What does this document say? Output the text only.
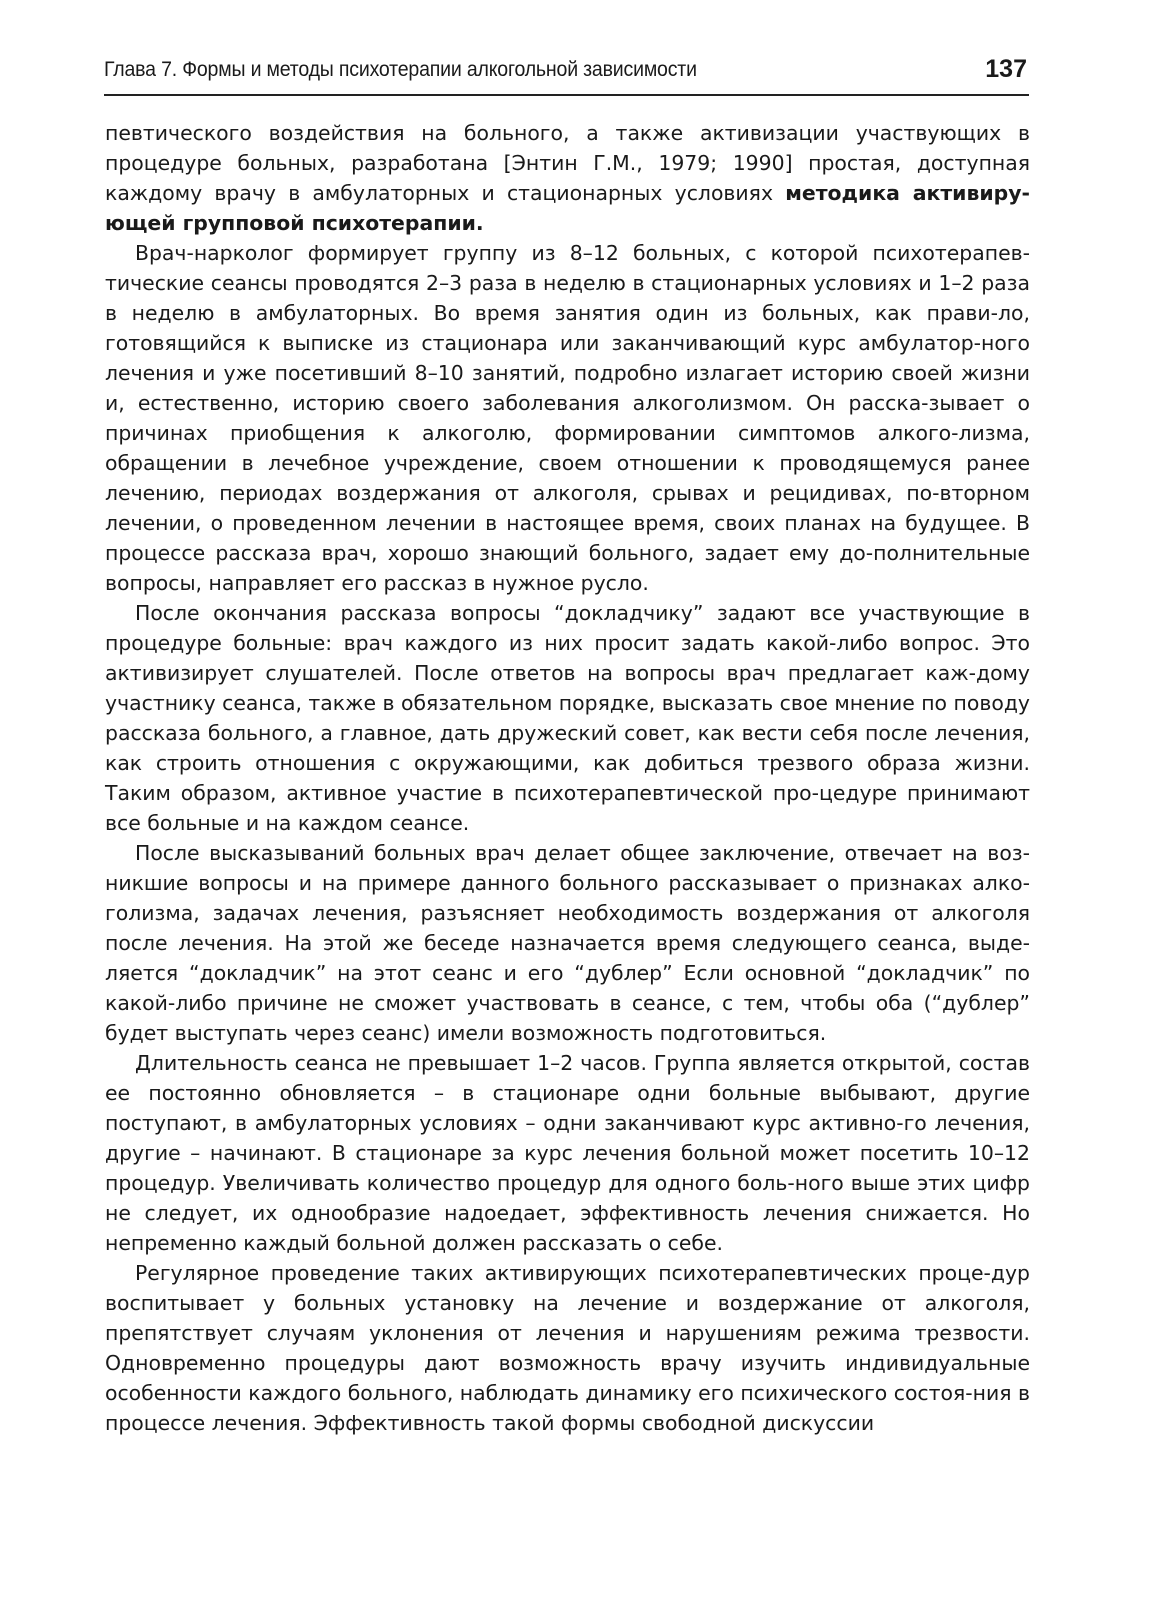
Глава 7. Формы и методы психотерапии алкогольной зависимости	137

певтического воздействия на больного, а также активизации участвующих в процедуре больных, разработана [Энтин Г.М., 1979; 1990] простая, доступная каждому врачу в амбулаторных и стационарных условиях методика активиру-ющей групповой психотерапии.

Врач-нарколог формирует группу из 8–12 больных, с которой психотерапев-тические сеансы проводятся 2–3 раза в неделю в стационарных условиях и 1–2 раза в неделю в амбулаторных. Во время занятия один из больных, как прави-ло, готовящийся к выписке из стационара или заканчивающий курс амбулатор-ного лечения и уже посетивший 8–10 занятий, подробно излагает историю своей жизни и, естественно, историю своего заболевания алкоголизмом. Он расска-зывает о причинах приобщения к алкоголю, формировании симптомов алкого-лизма, обращении в лечебное учреждение, своем отношении к проводящемуся ранее лечению, периодах воздержания от алкоголя, срывах и рецидивах, по-вторном лечении, о проведенном лечении в настоящее время, своих планах на будущее. В процессе рассказа врач, хорошо знающий больного, задает ему до-полнительные вопросы, направляет его рассказ в нужное русло.

После окончания рассказа вопросы “докладчику” задают все участвующие в процедуре больные: врач каждого из них просит задать какой-либо вопрос. Это активизирует слушателей. После ответов на вопросы врач предлагает каж-дому участнику сеанса, также в обязательном порядке, высказать свое мнение по поводу рассказа больного, а главное, дать дружеский совет, как вести себя после лечения, как строить отношения с окружающими, как добиться трезвого образа жизни. Таким образом, активное участие в психотерапевтической про-цедуре принимают все больные и на каждом сеансе.

После высказываний больных врач делает общее заключение, отвечает на воз-никшие вопросы и на примере данного больного рассказывает о признаках алко-голизма, задачах лечения, разъясняет необходимость воздержания от алкоголя после лечения. На этой же беседе назначается время следующего сеанса, выде-ляется “докладчик” на этот сеанс и его “дублер” Если основной “докладчик” по какой-либо причине не сможет участвовать в сеансе, с тем, чтобы оба (“дублер” будет выступать через сеанс) имели возможность подготовиться.

Длительность сеанса не превышает 1–2 часов. Группа является открытой, состав ее постоянно обновляется – в стационаре одни больные выбывают, другие поступают, в амбулаторных условиях – одни заканчивают курс активно-го лечения, другие – начинают. В стационаре за курс лечения больной может посетить 10–12 процедур. Увеличивать количество процедур для одного боль-ного выше этих цифр не следует, их однообразие надоедает, эффективность лечения снижается. Но непременно каждый больной должен рассказать о себе.

Регулярное проведение таких активирующих психотерапевтических проце-дур воспитывает у больных установку на лечение и воздержание от алкоголя, препятствует случаям уклонения от лечения и нарушениям режима трезвости. Одновременно процедуры дают возможность врачу изучить индивидуальные особенности каждого больного, наблюдать динамику его психического состоя-ния в процессе лечения. Эффективность такой формы свободной дискуссии
